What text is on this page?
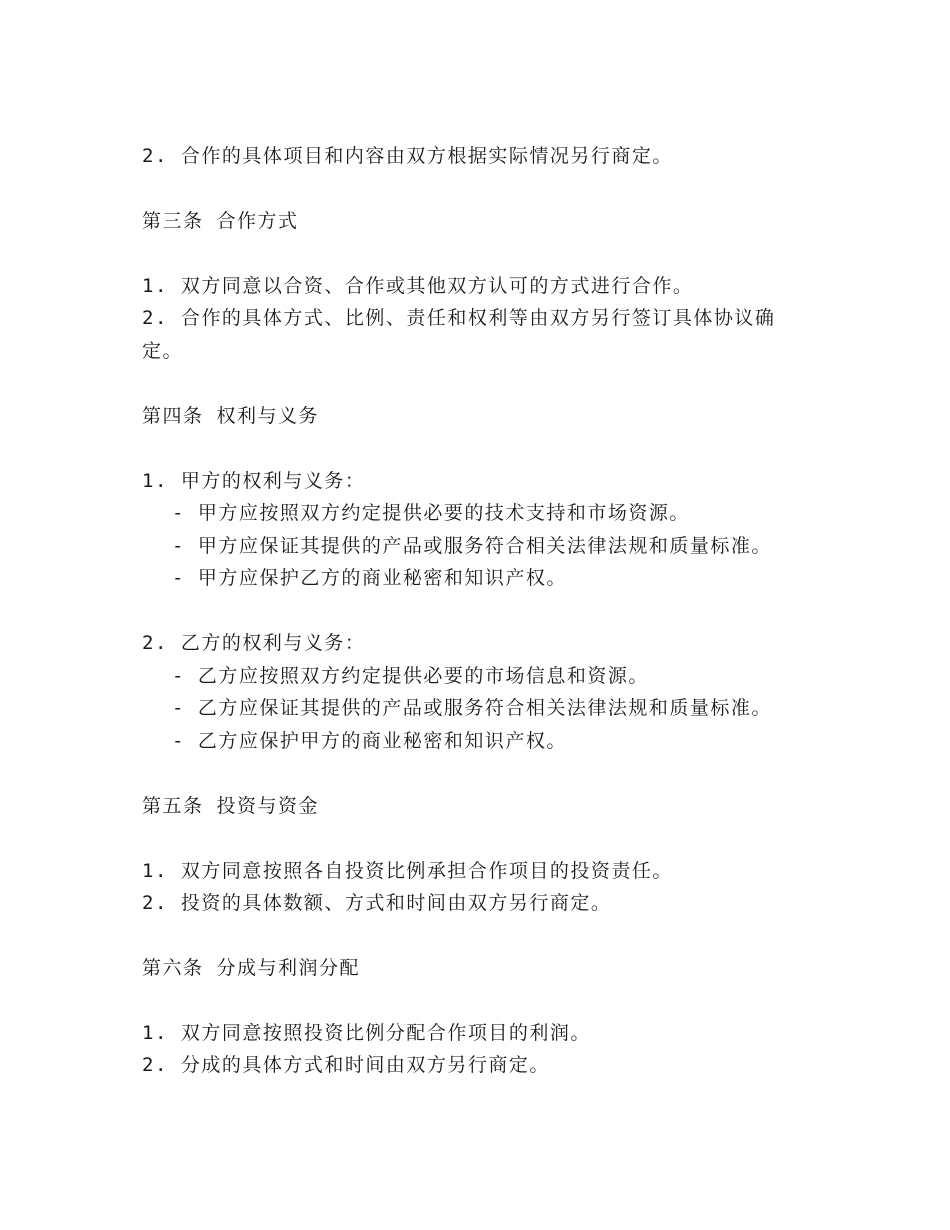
2. 合作的具体项目和内容由双方根据实际情况另行商定。
第三条 合作方式
1. 双方同意以合资、合作或其他双方认可的方式进行合作。
2. 合作的具体方式、比例、责任和权利等由双方另行签订具体协议确
定。
第四条 权利与义务
1. 甲方的权利与义务：
- 甲方应按照双方约定提供必要的技术支持和市场资源。
- 甲方应保证其提供的产品或服务符合相关法律法规和质量标准。
- 甲方应保护乙方的商业秘密和知识产权。
2. 乙方的权利与义务：
- 乙方应按照双方约定提供必要的市场信息和资源。
- 乙方应保证其提供的产品或服务符合相关法律法规和质量标准。
- 乙方应保护甲方的商业秘密和知识产权。
第五条 投资与资金
1. 双方同意按照各自投资比例承担合作项目的投资责任。
2. 投资的具体数额、方式和时间由双方另行商定。
第六条 分成与利润分配
1. 双方同意按照投资比例分配合作项目的利润。
2. 分成的具体方式和时间由双方另行商定。
